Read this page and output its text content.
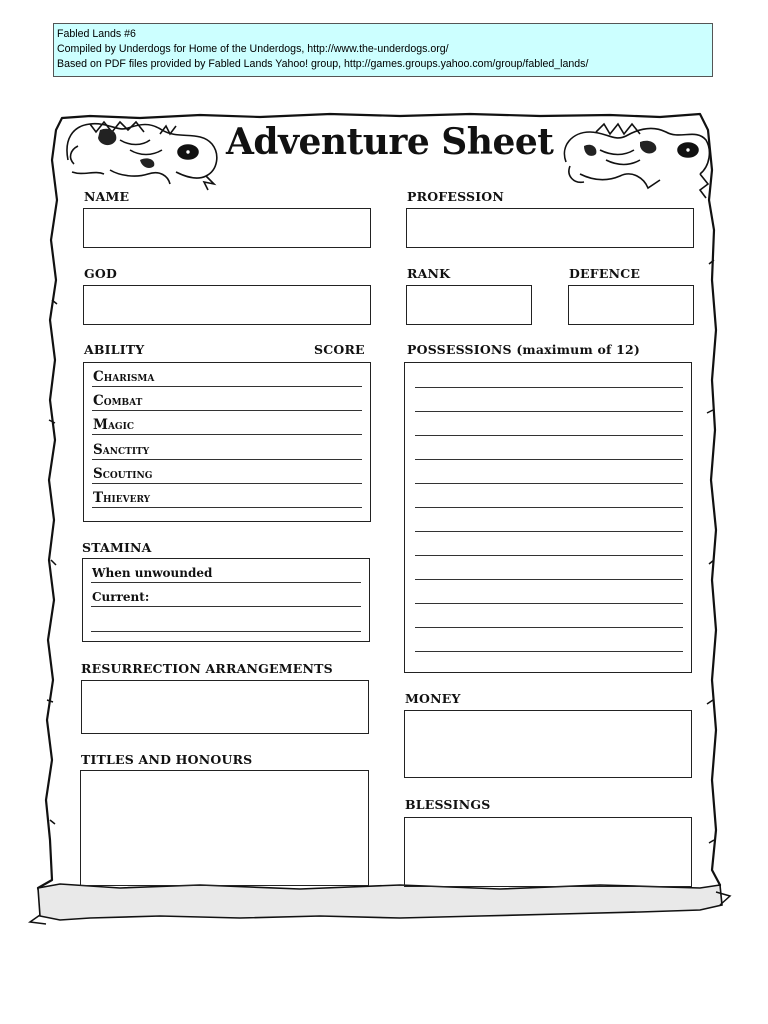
Fabled Lands #6
Compiled by Underdogs for Home of the Underdogs, http://www.the-underdogs.org/
Based on PDF files provided by Fabled Lands Yahoo! group, http://games.groups.yahoo.com/group/fabled_lands/
Adventure Sheet
NAME	PROFESSION
GOD	RANK	DEFENCE
ABILITY	SCORE
Charisma
Combat
Magic
Sanctity
Scouting
Thievery
POSSESSIONS (maximum of 12)
STAMINA
When unwounded
Current:
RESURRECTION ARRANGEMENTS
MONEY
TITLES AND HONOURS
BLESSINGS
